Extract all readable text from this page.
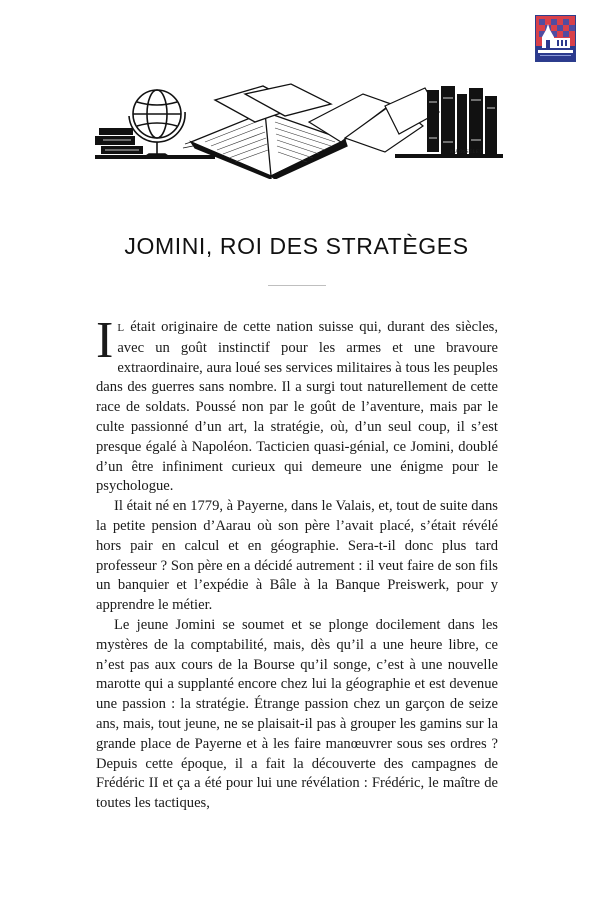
B.ROSSELET
JOMINI, ROI DES STRATÈGES

I L était originaire de cette nation suisse qui, durant des siècles, avec un goût instinctif pour les armes et une bravoure extraordinaire, aura loué ses services militaires à tous les peuples dans des guerres sans nombre. Il a surgi tout naturellement de cette race de soldats. Poussé non par le goût de l’aventure, mais par le culte passionné d’un art, la stratégie, où, d’un seul coup, il s’est presque égalé à Napoléon. Tacticien quasi-génial, ce Jomini, doublé d’un être infiniment curieux qui demeure une énigme pour le psychologue.

Il était né en 1779, à Payerne, dans le Valais, et, tout de suite dans la petite pension d’Aarau où son père l’avait placé, s’était révélé hors pair en calcul et en géographie. Sera-t-il donc plus tard professeur ? Son père en a décidé autrement : il veut faire de son fils un banquier et l’expédie à Bâle à la Banque Preiswerk, pour y apprendre le métier.

Le jeune Jomini se soumet et se plonge docilement dans les mystères de la comptabilité, mais, dès qu’il a une heure libre, ce n’est pas aux cours de la Bourse qu’il songe, c’est à une nouvelle marotte qui a supplanté encore chez lui la géographie et est devenue une passion : la stratégie. Étrange passion chez un garçon de seize ans, mais, tout jeune, ne se plaisait-il pas à grouper les gamins sur la grande place de Payerne et à les faire manœuvrer sous ses ordres ? Depuis cette époque, il a fait la découverte des campagnes de Frédéric II et ça a été pour lui une révélation : Frédéric, le maître de toutes les tactiques,
